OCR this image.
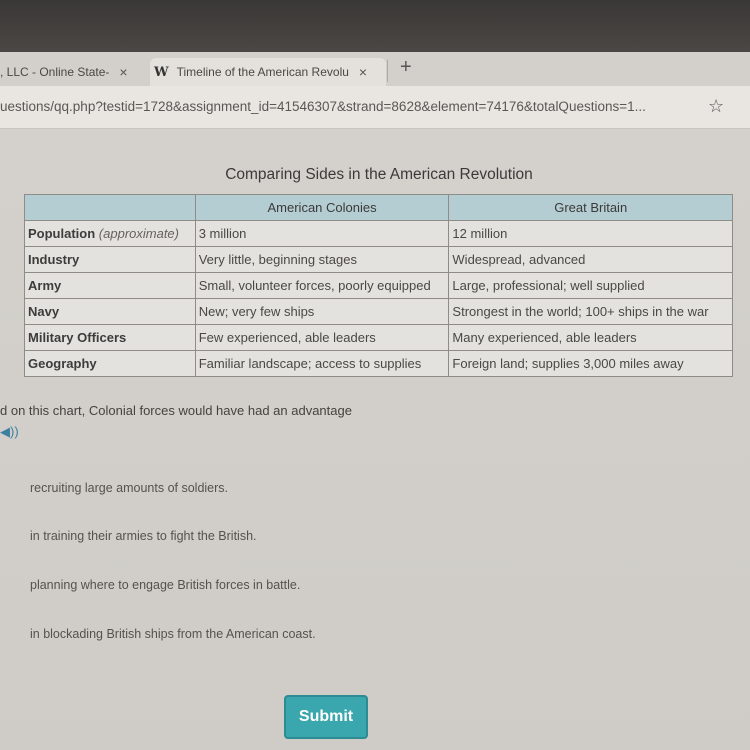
, LLC - Online State- × W Timeline of the American Revolu × +
uestions/qq.php?testid=1728&assignment_id=41546307&strand=8628&element=74176&totalQuestions=1...	☆
Comparing Sides in the American Revolution
	American Colonies	Great Britain
Population (approximate)	3 million	12 million
Industry	Very little, beginning stages	Widespread, advanced
Army	Small, volunteer forces, poorly equipped	Large, professional; well supplied
Navy	New; very few ships	Strongest in the world; 100+ ships in the war
Military Officers	Few experienced, able leaders	Many experienced, able leaders
Geography	Familiar landscape; access to supplies	Foreign land; supplies 3,000 miles away
d on this chart, Colonial forces would have had an advantage
◀))
recruiting large amounts of soldiers.
in training their armies to fight the British.
planning where to engage British forces in battle.
in blockading British ships from the American coast.
Submit
